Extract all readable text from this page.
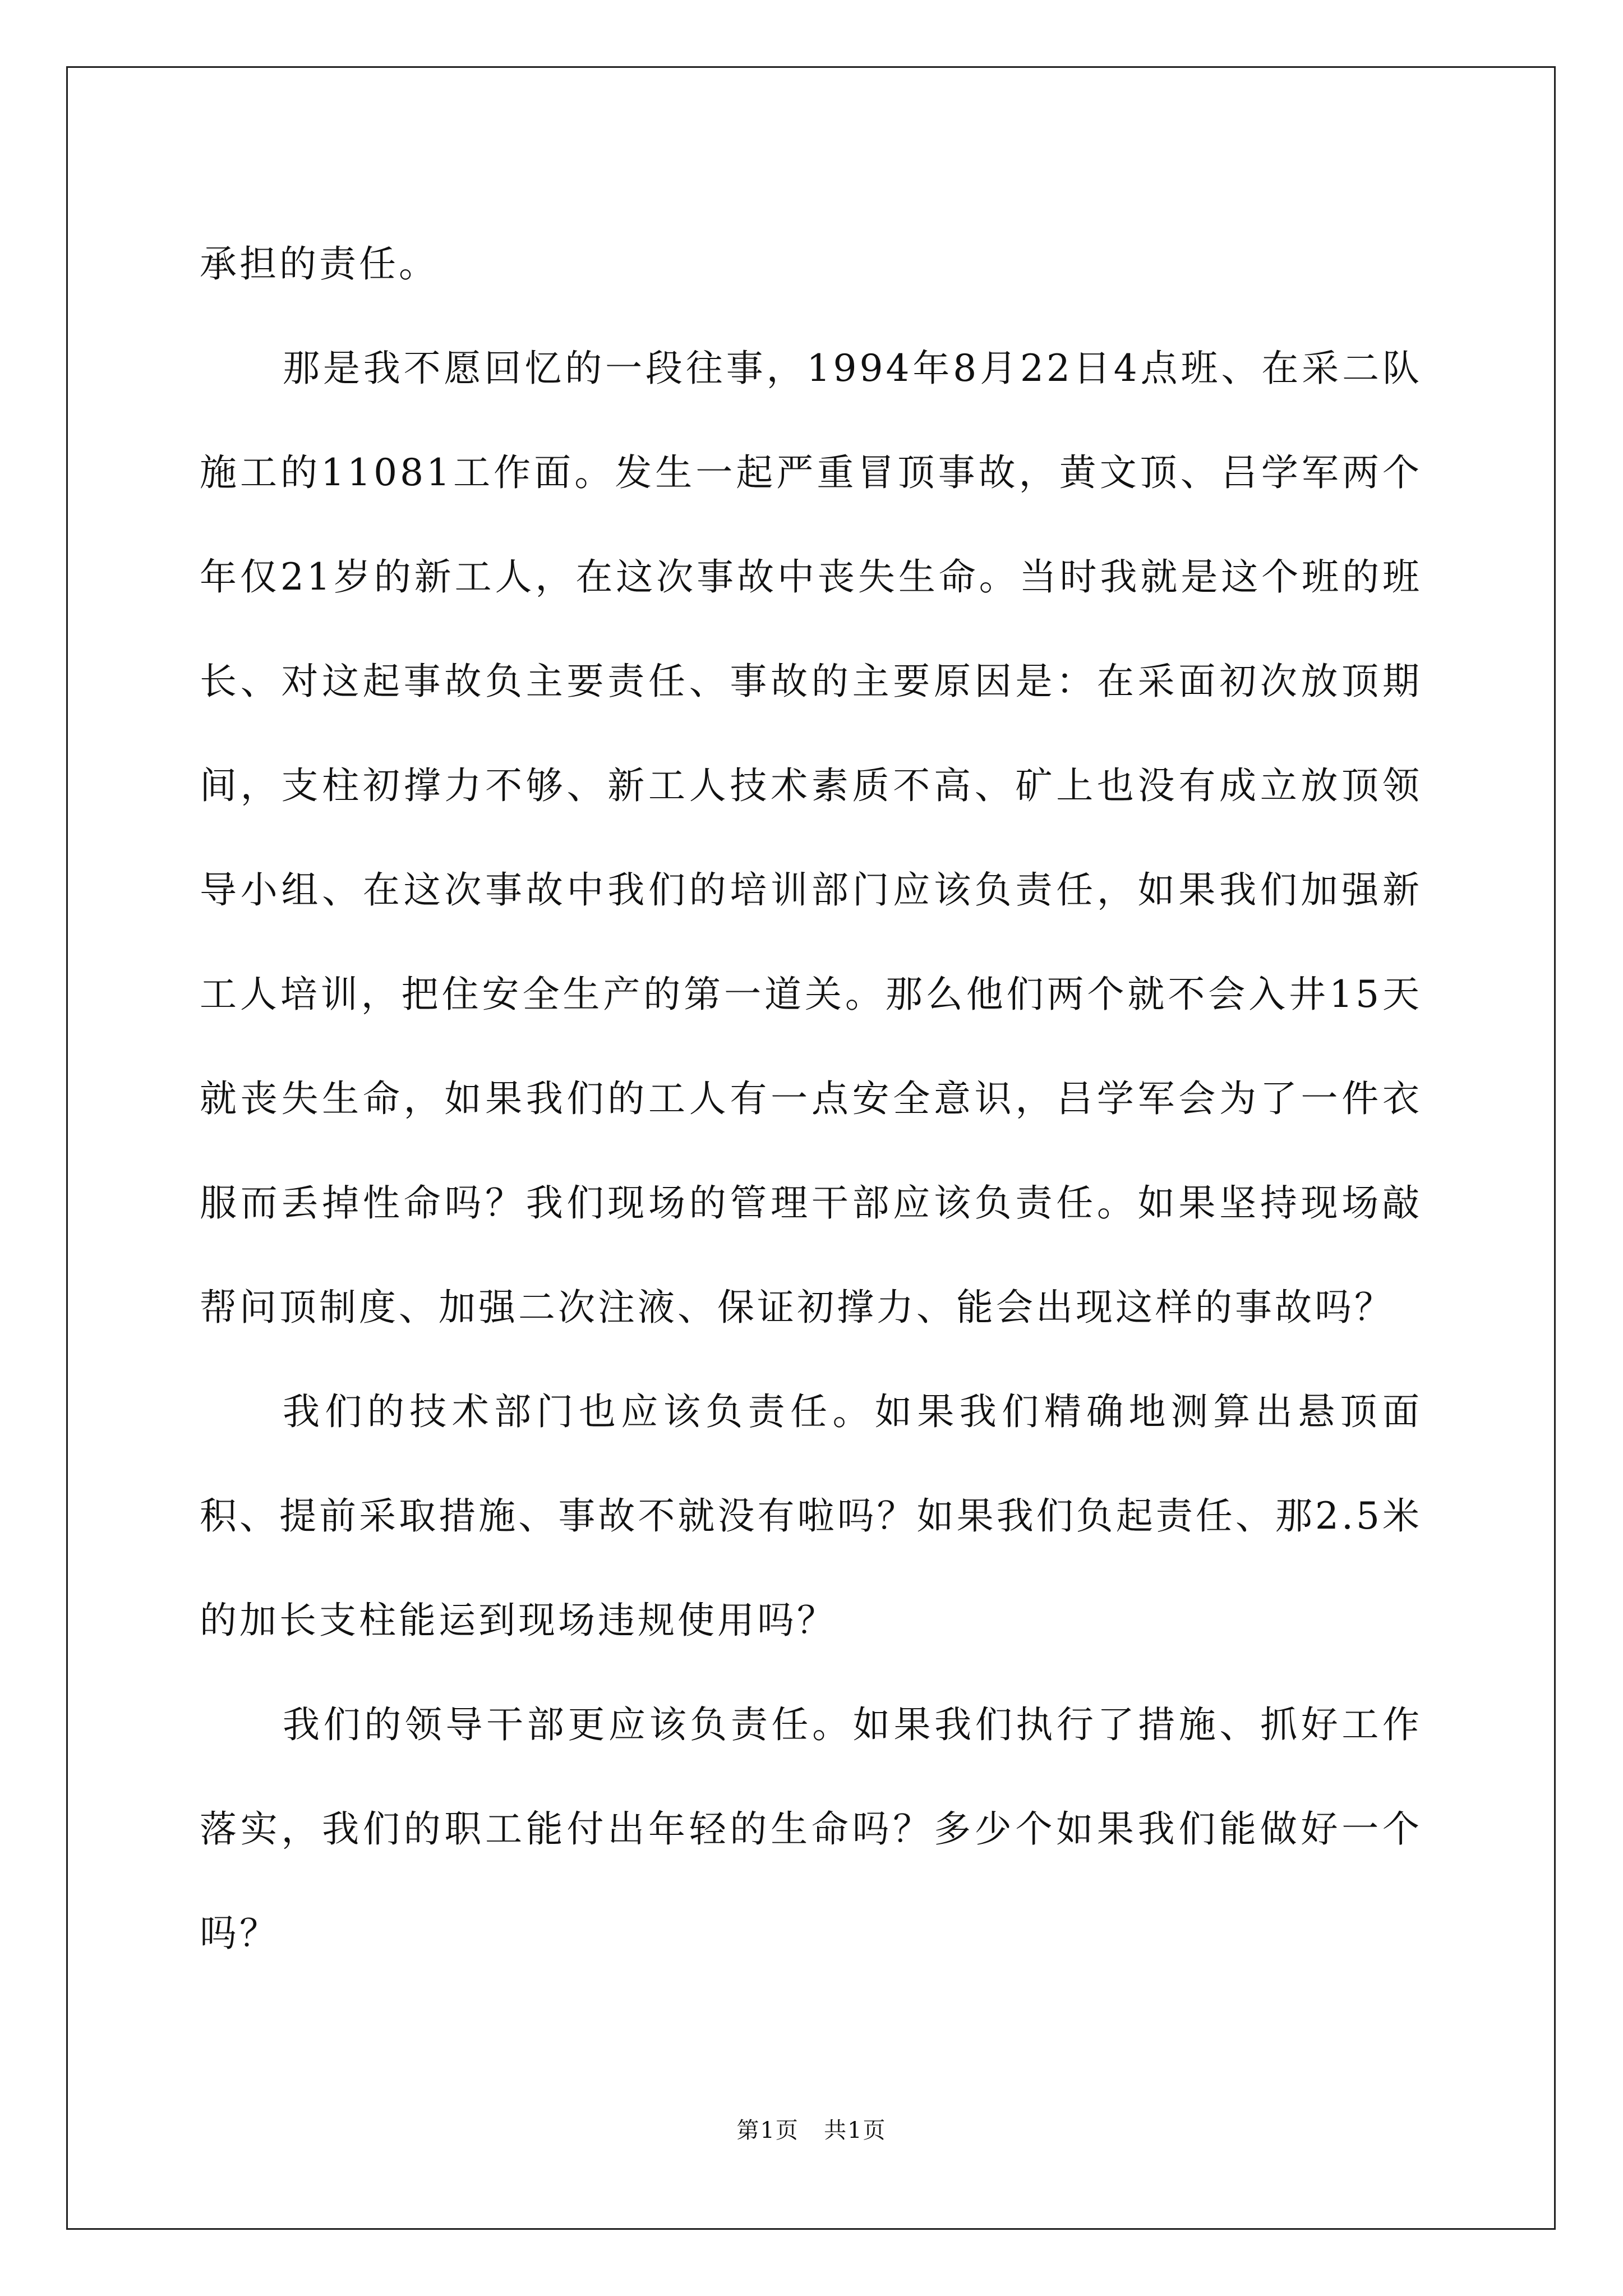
承担的责任。

那是我不愿回忆的一段往事，1994年8月22日4点班、在采二队施工的11081工作面。发生一起严重冒顶事故，黄文顶、吕学军两个年仅21岁的新工人，在这次事故中丧失生命。当时我就是这个班的班长、对这起事故负主要责任、事故的主要原因是：在采面初次放顶期间，支柱初撑力不够、新工人技术素质不高、矿上也没有成立放顶领导小组、在这次事故中我们的培训部门应该负责任，如果我们加强新工人培训，把住安全生产的第一道关。那么他们两个就不会入井15天就丧失生命，如果我们的工人有一点安全意识，吕学军会为了一件衣服而丢掉性命吗？我们现场的管理干部应该负责任。如果坚持现场敲帮问顶制度、加强二次注液、保证初撑力、能会出现这样的事故吗？

我们的技术部门也应该负责任。如果我们精确地测算出悬顶面积、提前采取措施、事故不就没有啦吗？如果我们负起责任、那2.5米的加长支柱能运到现场违规使用吗？

我们的领导干部更应该负责任。如果我们执行了措施、抓好工作落实，我们的职工能付出年轻的生命吗？多少个如果我们能做好一个吗？

第1页 共1页
